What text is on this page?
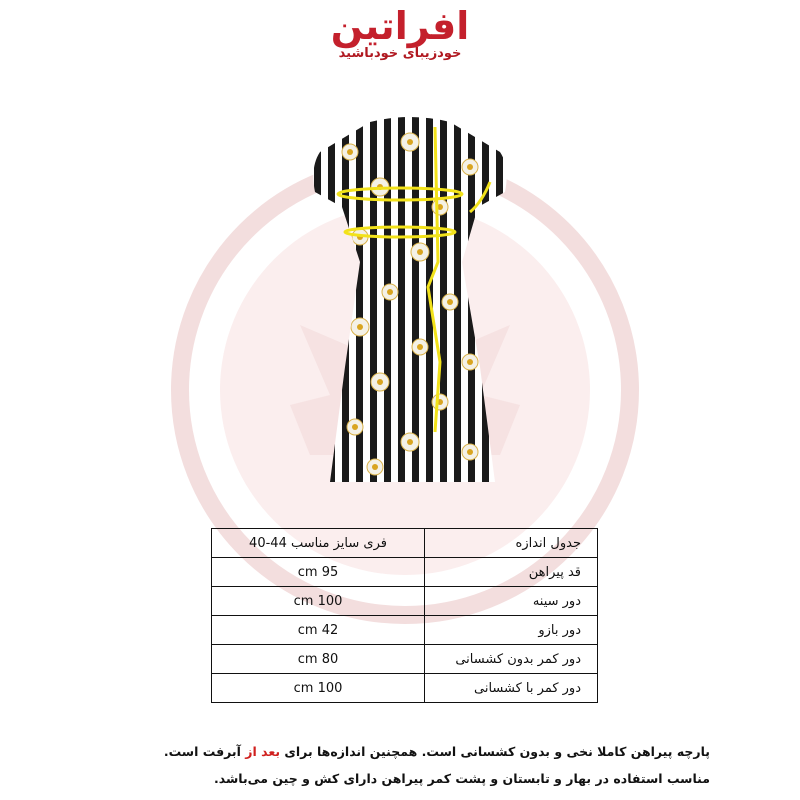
افراتین
خودزیبای خودباشید
جدول اندازه	فری سایز مناسب 44-40
قد پیراهن	95 cm
دور سینه	100 cm
دور بازو	42 cm
دور کمر بدون کشسانی	80 cm
دور کمر با کشسانی	100 cm
پارچه پیراهن کاملا نخی و بدون کشسانی است. همچنین اندازه‌ها برای بعد از آبرفت است.
مناسب استفاده در بهار و تابستان و پشت کمر پیراهن دارای کش و چین می‌باشد.
